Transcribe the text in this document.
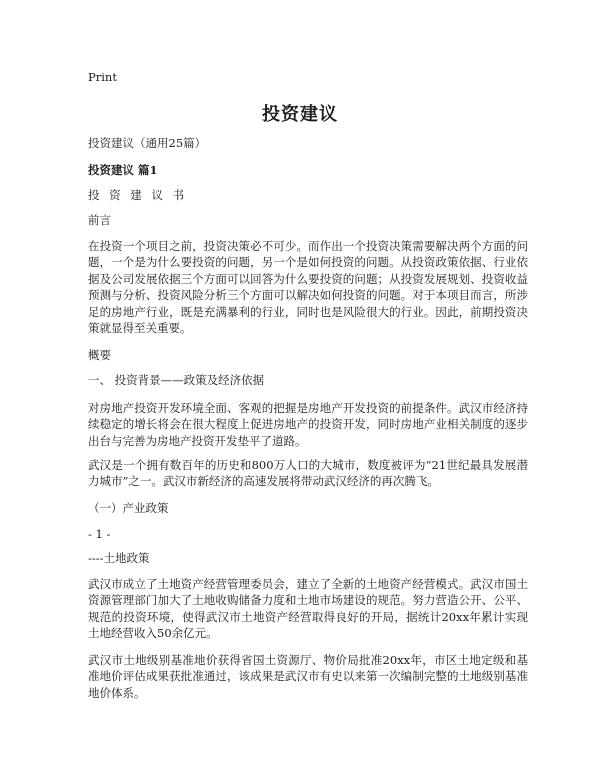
Print
投资建议
投资建议（通用25篇）
投资建议 篇1
投 资 建 议 书
前言
在投资一个项目之前，投资决策必不可少。而作出一个投资决策需要解决两个方面的问题，一个是为什么要投资的问题，另一个是如何投资的问题。从投资政策依据、行业依据及公司发展依据三个方面可以回答为什么要投资的问题；从投资发展规划、投资收益预测与分析、投资风险分析三个方面可以解决如何投资的问题。对于本项目而言，所涉足的房地产行业，既是充满暴利的行业，同时也是风险很大的行业。因此，前期投资决策就显得至关重要。
概要
一、 投资背景——政策及经济依据
对房地产投资开发环境全面、客观的把握是房地产开发投资的前提条件。武汉市经济持续稳定的增长将会在很大程度上促进房地产的投资开发，同时房地产业相关制度的逐步出台与完善为房地产投资开发垫平了道路。
武汉是一个拥有数百年的历史和800万人口的大城市，数度被评为“21世纪最具发展潜力城市”之一。武汉市新经济的高速发展将带动武汉经济的再次腾飞。
（一）产业政策
- 1 -
----土地政策
武汉市成立了土地资产经营管理委员会，建立了全新的土地资产经营模式。武汉市国土资源管理部门加大了土地收购储备力度和土地市场建设的规范。努力营造公开、公平、规范的投资环境，使得武汉市土地资产经营取得良好的开局，据统计20xx年累计实现土地经营收入50余亿元。
武汉市土地级别基准地价获得省国土资源厅、物价局批准20xx年，市区土地定级和基准地价评估成果获批准通过，该成果是武汉市有史以来第一次编制完整的土地级别基准地价体系。
